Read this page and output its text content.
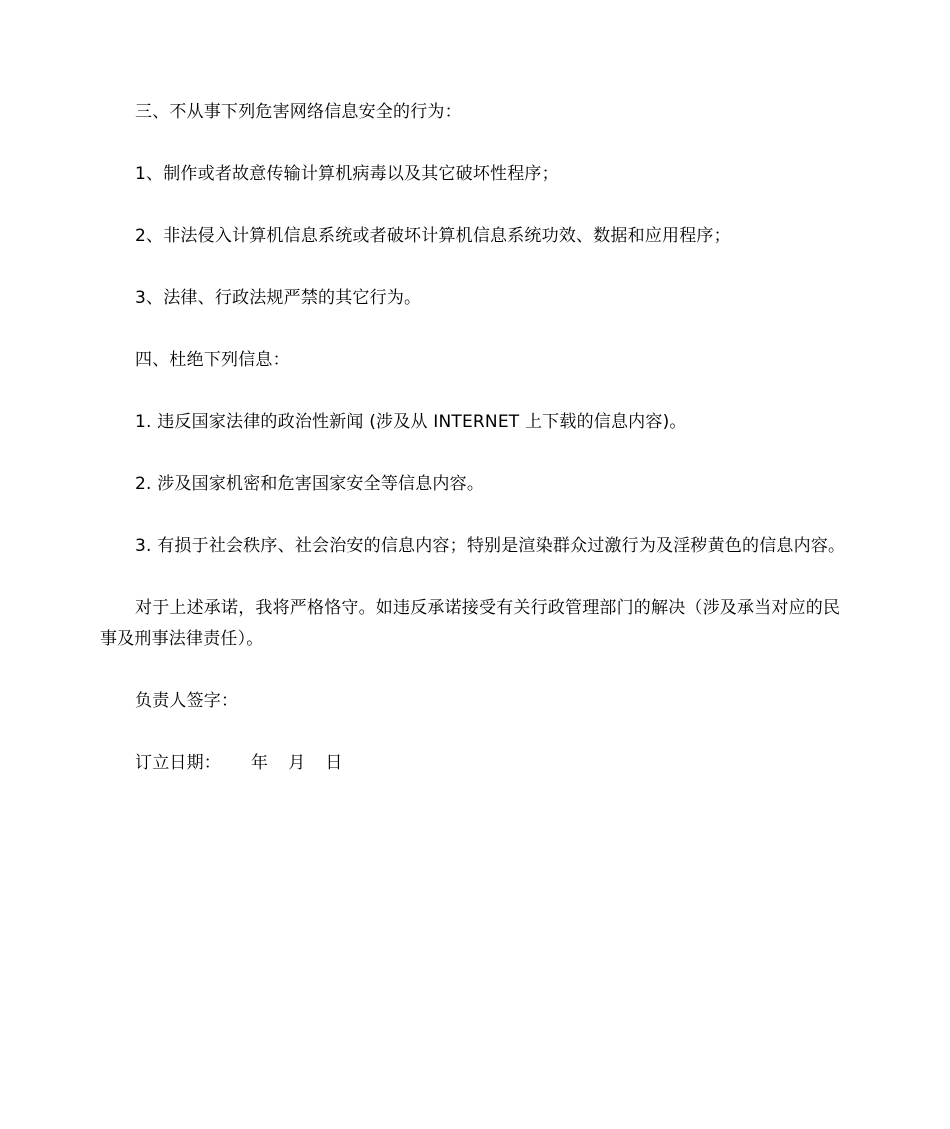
三、不从事下列危害网络信息安全的行为：

1、制作或者故意传输计算机病毒以及其它破坏性程序；

2、非法侵入计算机信息系统或者破坏计算机信息系统功效、数据和应用程序；

3、法律、行政法规严禁的其它行为。

四、杜绝下列信息：

1. 违反国家法律的政治性新闻 (涉及从 INTERNET 上下载的信息内容)。

2. 涉及国家机密和危害国家安全等信息内容。

3. 有损于社会秩序、社会治安的信息内容；特别是渲染群众过激行为及淫秽黄色的信息内容。

对于上述承诺，我将严格恪守。如违反承诺接受有关行政管理部门的解决（涉及承当对应的民事及刑事法律责任）。

负责人签字：

订立日期： 年 月 日
